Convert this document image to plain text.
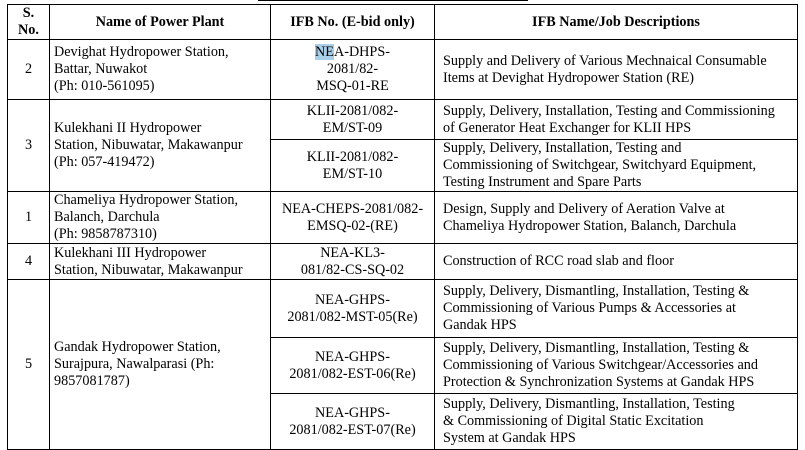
S.
No.	Name of Power Plant	IFB No. (E-bid only)	IFB Name/Job Descriptions
2	Devighat Hydropower Station,
Battar, Nuwakot
(Ph: 010-561095)	NEA-DHPS-
2081/82-
MSQ-01-RE	Supply and Delivery of Various Mechnaical Consumable
Items at Devighat Hydropower Station (RE)
3	Kulekhani II Hydropower
Station, Nibuwatar, Makawanpur
(Ph: 057-419472)	KLII-2081/082-
EM/ST-09	Supply, Delivery, Installation, Testing and Commissioning
of Generator Heat Exchanger for KLII HPS
		KLII-2081/082-
EM/ST-10	Supply, Delivery, Installation, Testing and
Commissioning of Switchgear, Switchyard Equipment,
Testing Instrument and Spare Parts
1	Chameliya Hydropower Station,
Balanch, Darchula
(Ph: 9858787310)	NEA-CHEPS-2081/082-
EMSQ-02-(RE)	Design, Supply and Delivery of Aeration Valve at
Chameliya Hydropower Station, Balanch, Darchula
4	Kulekhani III Hydropower
Station, Nibuwatar, Makawanpur	NEA-KL3-
081/82-CS-SQ-02	Construction of RCC road slab and floor
5	Gandak Hydropower Station,
Surajpura, Nawalparasi (Ph:
9857081787)	NEA-GHPS-
2081/082-MST-05(Re)	Supply, Delivery, Dismantling, Installation, Testing &
Commissioning of Various Pumps & Accessories at
Gandak HPS
		NEA-GHPS-
2081/082-EST-06(Re)	Supply, Delivery, Dismantling, Installation, Testing &
Commissioning of Various Switchgear/Accessories and
Protection & Synchronization Systems at Gandak HPS
		NEA-GHPS-
2081/082-EST-07(Re)	Supply, Delivery, Dismantling, Installation, Testing
& Commissioning of Digital Static Excitation
System at Gandak HPS
